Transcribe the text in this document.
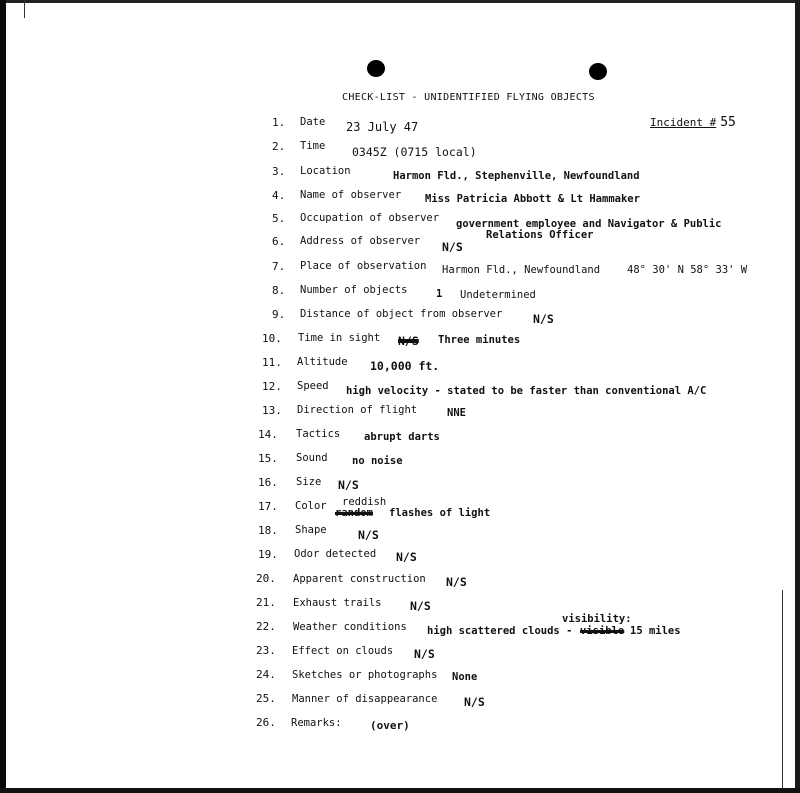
CHECK-LIST - UNIDENTIFIED FLYING OBJECTS
Incident # 55
1. Date 23 July 47
2. Time 0345Z (0715 local)
3. Location	Harmon Fld., Stephenville, Newfoundland
4. Name of observer Miss Patricia Abbott & Lt Hammaker
5. Occupation of observer government employee and Navigator & Public
Relations Officer
6. Address of observer N/S
7. Place of observation Harmon Fld., Newfoundland	48° 30' N 58° 33' W
8. Number of objects	1 Undetermined
9. Distance of object from observer	N/S
10. Time in sight N/S Three minutes
11. Altitude 10,000 ft.
12. Speed high velocity - stated to be faster than conventional A/C
13. Direction of flight	NNE
14. Tactics abrupt darts
15. Sound no noise
16. Size N/S
17. Color reddish
random flashes of light
18. Shape	N/S
19. Odor detected N/S
20. Apparent construction N/S
21. Exhaust trails N/S
22. Weather conditions
visibility:
high scattered clouds - visible 15 miles
23. Effect on clouds N/S
24. Sketches or photographs None
25. Manner of disappearance N/S
26. Remarks:	(over)
